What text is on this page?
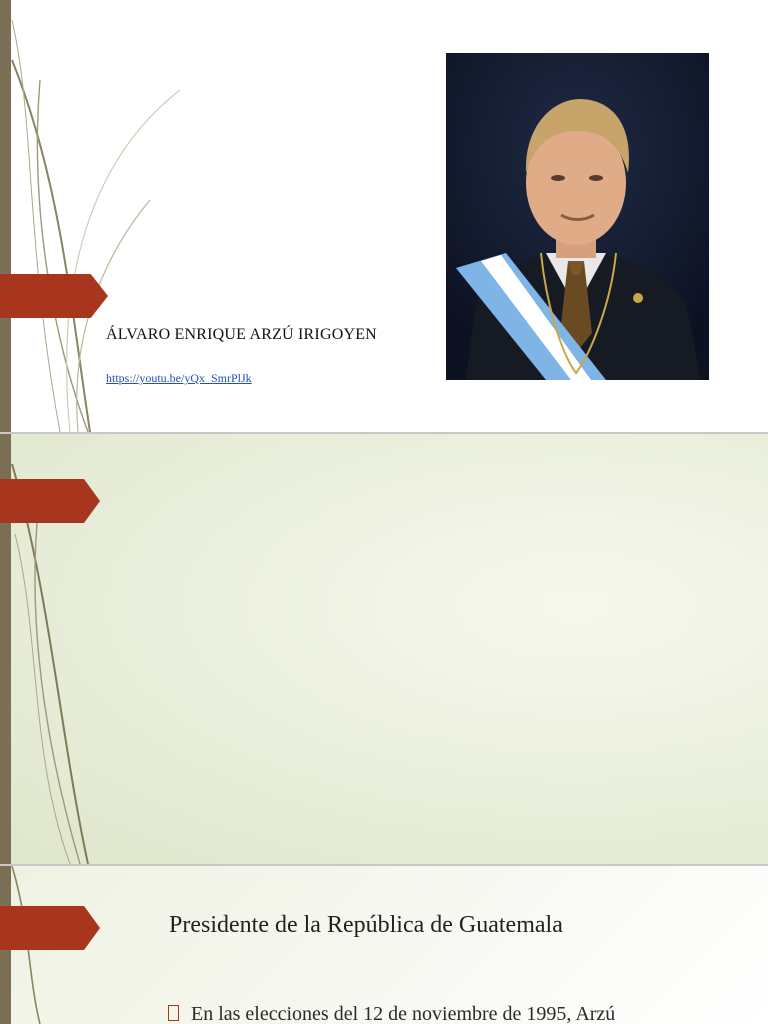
ÁLVARO ENRIQUE ARZÚ IRIGOYEN
https://youtu.be/yQx_SmrPlJk
Presidente de la República de Guatemala
En las elecciones del 12 de noviembre de 1995, Arzú
